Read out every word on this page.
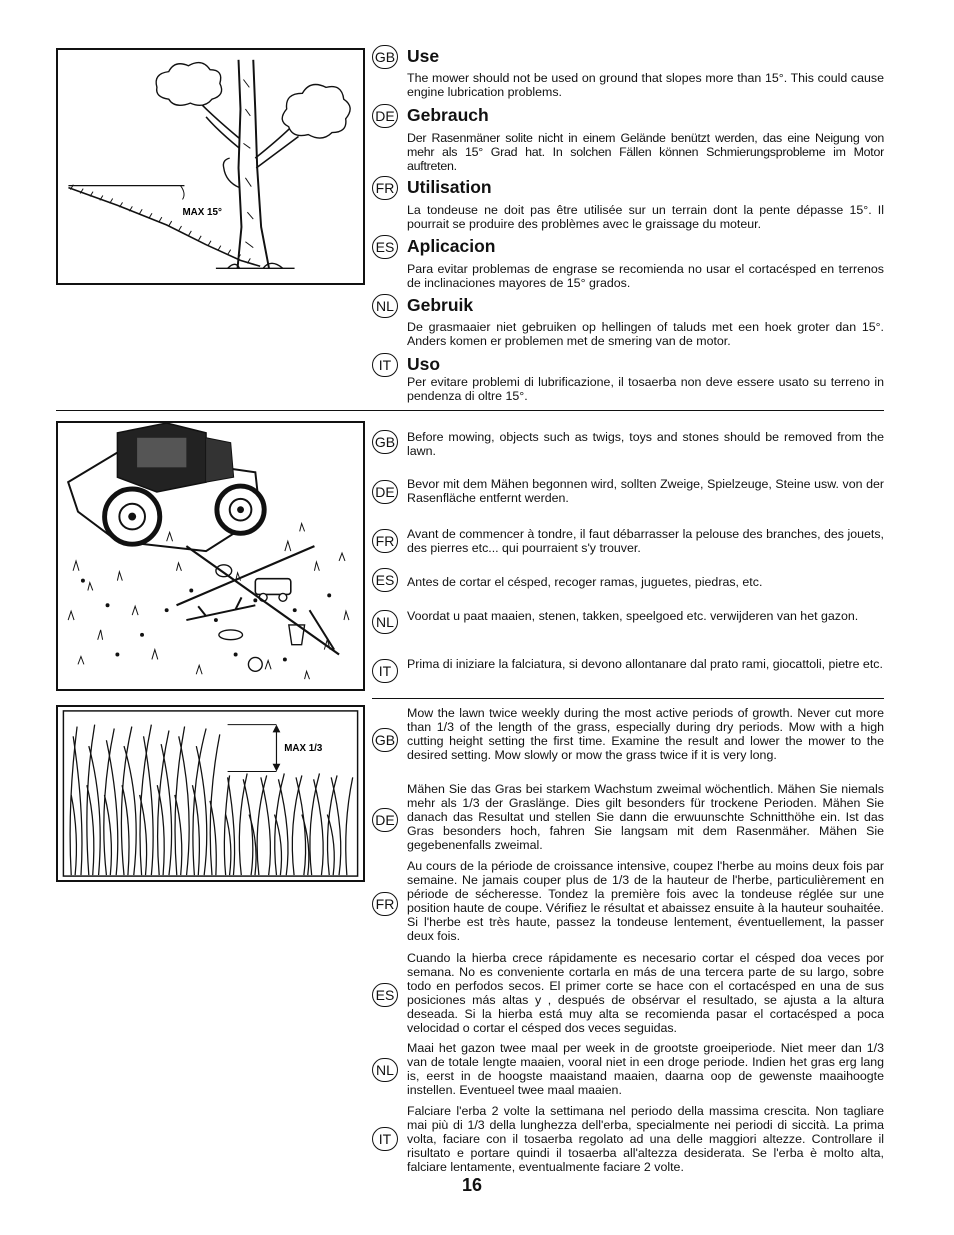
MAX 15°
GB Use
The mower should not be used on ground that slopes more than 15°. This could cause engine lubrication problems.
DE Gebrauch
Der Rasenmäner solite nicht in einem Gelände benützt werden, das eine Neigung von mehr als 15° Grad hat. In solchen Fällen können Schmierungsprobleme im Motor auftreten.
FR Utilisation
La tondeuse ne doit pas être utilisée sur un terrain dont la pente dépasse 15°. Il pourrait se produire des problèmes avec le graissage du moteur.
ES Aplicacion
Para evitar problemas de engrase se recomienda no usar el cortacésped en terrenos de inclinaciones mayores de 15° grados.
NL Gebruik
De grasmaaier niet gebruiken op hellingen of taluds met een hoek groter dan 15°. Anders komen er problemen met de smering van de motor.
IT Uso
Per evitare problemi di lubrificazione, il tosaerba non deve essere usato su terreno in pendenza di oltre 15°.
GB Before mowing, objects such as twigs, toys and stones should be removed from the lawn.
DE Bevor mit dem Mähen begonnen wird, sollten Zweige, Spielzeuge, Steine usw. von der Rasenfläche entfernt werden.
FR Avant de commencer à tondre, il faut débarrasser la pelouse des branches, des jouets, des pierres etc... qui pourraient s'y trouver.
ES Antes de cortar el césped, recoger ramas, juguetes, piedras, etc.
NL	Voordat u paat maaien, stenen, takken, speelgoed etc. verwijderen van het gazon.
IT	Prima di iniziare la falciatura, si devono allontanare dal prato rami, giocattoli, pietre etc.
MAX 1/3
Mow the lawn twice weekly during the most active periods of growth. Never cut more than 1/3 of the length of the grass, especially during dry periods. Mow with a high cutting height setting the first time. Examine the result and lower the mower to the desired setting. Mow slowly or mow the grass twice if it is very long.
GB
Mähen Sie das Gras bei starkem Wachstum zweimal wöchentlich. Mähen Sie niemals mehr als 1/3 der Graslänge. Dies gilt besonders für trockene Perioden. Mähen Sie danach das Resultat und stellen Sie dann die erwuunschte Schnitthöhe ein. Ist das Gras besonders hoch, fahren Sie langsam mit dem Rasenmäher. Mähen Sie gegebenenfalls zweimal.
DE
Au cours de la période de croissance intensive, coupez l'herbe au moins deux fois par semaine. Ne jamais couper plus de 1/3 de la hauteur de l'herbe, particulièrement en période de sécheresse. Tondez la première fois avec la tondeuse réglée sur une position haute de coupe. Vérifiez le résultat et abaissez ensuite à la hauteur souhaitée. Si l'herbe est très haute, passez la tondeuse lentement, éventuellement, la passer deux fois.
FR
Cuando la hierba crece rápidamente es necesario cortar el césped doa veces por semana. No es conveniente cortarla en más de una tercera parte de su largo, sobre todo en perfodos secos. El primer corte se hace con el cortacésped en una de sus posiciones más altas y , después de obsérvar el resultado, se ajusta a la altura deseada. Si la hierba está muy alta se recomienda pasar el cortacésped a poca velocidad o cortar el césped dos veces seguidas.
ES
Maai het gazon twee maal per week in de grootste groeiperiode. Niet meer dan 1/3 van de totale lengte maaien, vooral niet in een droge periode. Indien het gras erg lang is, eerst in de hoogste maaistand maaien, daarna oop de gewenste maaihoogte instellen. Eventueel twee maal maaien.
NL
Falciare l'erba 2 volte la settimana nel periodo della massima crescita. Non tagliare mai più di 1/3 della lunghezza dell'erba, specialmente nei periodi di siccità. La prima volta, faciare con il tosaerba regolato ad una delle maggiori altezze. Controllare il risultato e portare quindi il tosaerba all'altezza desiderata. Se l'erba è molto alta, falciare lentamente, eventualmente faciare 2 volte.
IT
16
